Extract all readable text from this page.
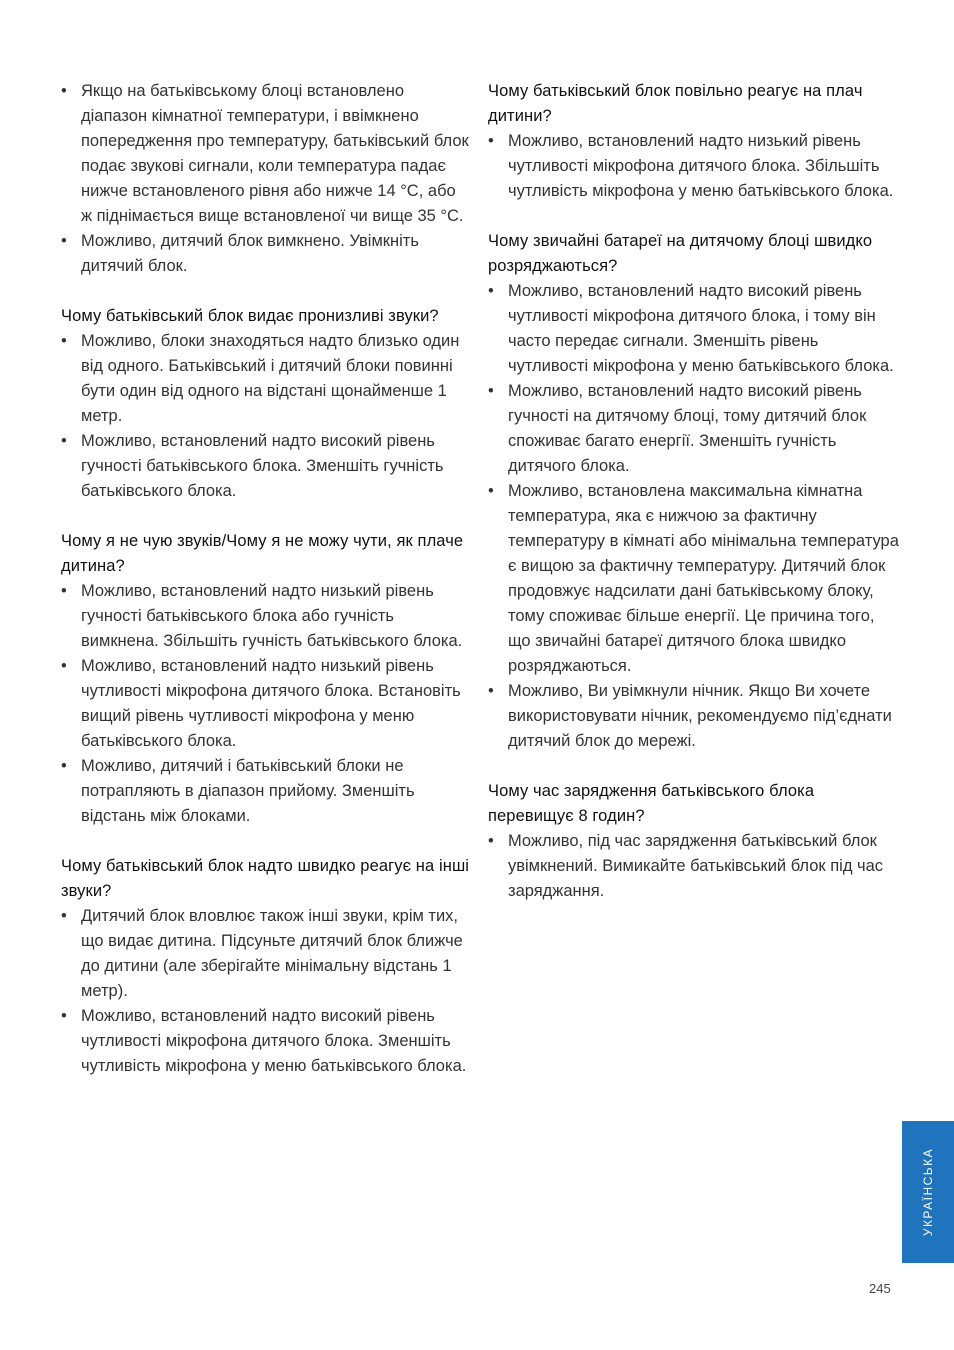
• Якщо на батьківському блоці встановлено діапазон кімнатної температури, і ввімкнено попередження про температуру, батьківський блок подає звукові сигнали, коли температура падає нижче встановленого рівня або нижче 14 °C, або ж піднімається вище встановленої чи вище 35 °C.
• Можливо, дитячий блок вимкнено. Увімкніть дитячий блок.

Чому батьківський блок видає пронизливі звуки?

• Можливо, блоки знаходяться надто близько один від одного. Батьківський і дитячий блоки повинні бути один від одного на відстані щонайменше 1 метр.
• Можливо, встановлений надто високий рівень гучності батьківського блока. Зменшіть гучність батьківського блока.

Чому я не чую звуків/Чому я не можу чути, як плаче дитина?

• Можливо, встановлений надто низький рівень гучності батьківського блока або гучність вимкнена. Збільшіть гучність батьківського блока.
• Можливо, встановлений надто низький рівень чутливості мікрофона дитячого блока. Встановіть вищий рівень чутливості мікрофона у меню батьківського блока.
• Можливо, дитячий і батьківський блоки не потрапляють в діапазон прийому. Зменшіть відстань між блоками.

Чому батьківський блок надто швидко реагує на інші звуки?

• Дитячий блок вловлює також інші звуки, крім тих, що видає дитина. Підсуньте дитячий блок ближче до дитини (але зберігайте мінімальну відстань 1 метр).
• Можливо, встановлений надто високий рівень чутливості мікрофона дитячого блока. Зменшіть чутливість мікрофона у меню батьківського блока.

Чому батьківський блок повільно реагує на плач дитини?

• Можливо, встановлений надто низький рівень чутливості мікрофона дитячого блока. Збільшіть чутливість мікрофона у меню батьківського блока.

Чому звичайні батареї на дитячому блоці швидко розряджаються?

• Можливо, встановлений надто високий рівень чутливості мікрофона дитячого блока, і тому він часто передає сигнали. Зменшіть рівень чутливості мікрофона у меню батьківського блока.
• Можливо, встановлений надто високий рівень гучності на дитячому блоці, тому дитячий блок споживає багато енергії. Зменшіть гучність дитячого блока.
• Можливо, встановлена максимальна кімнатна температура, яка є нижчою за фактичну температуру в кімнаті або мінімальна температура є вищою за фактичну температуру. Дитячий блок продовжує надсилати дані батьківському блоку, тому споживає більше енергії. Це причина того, що звичайні батареї дитячого блока швидко розряджаються.
• Можливо, Ви увімкнули нічник. Якщо Ви хочете використовувати нічник, рекомендуємо під’єднати дитячий блок до мережі.

Чому час зарядження батьківського блока перевищує 8 годин?

• Можливо, під час зарядження батьківський блок увімкнений. Вимикайте батьківський блок під час заряджання.
УКРАЇНСЬКА
245
